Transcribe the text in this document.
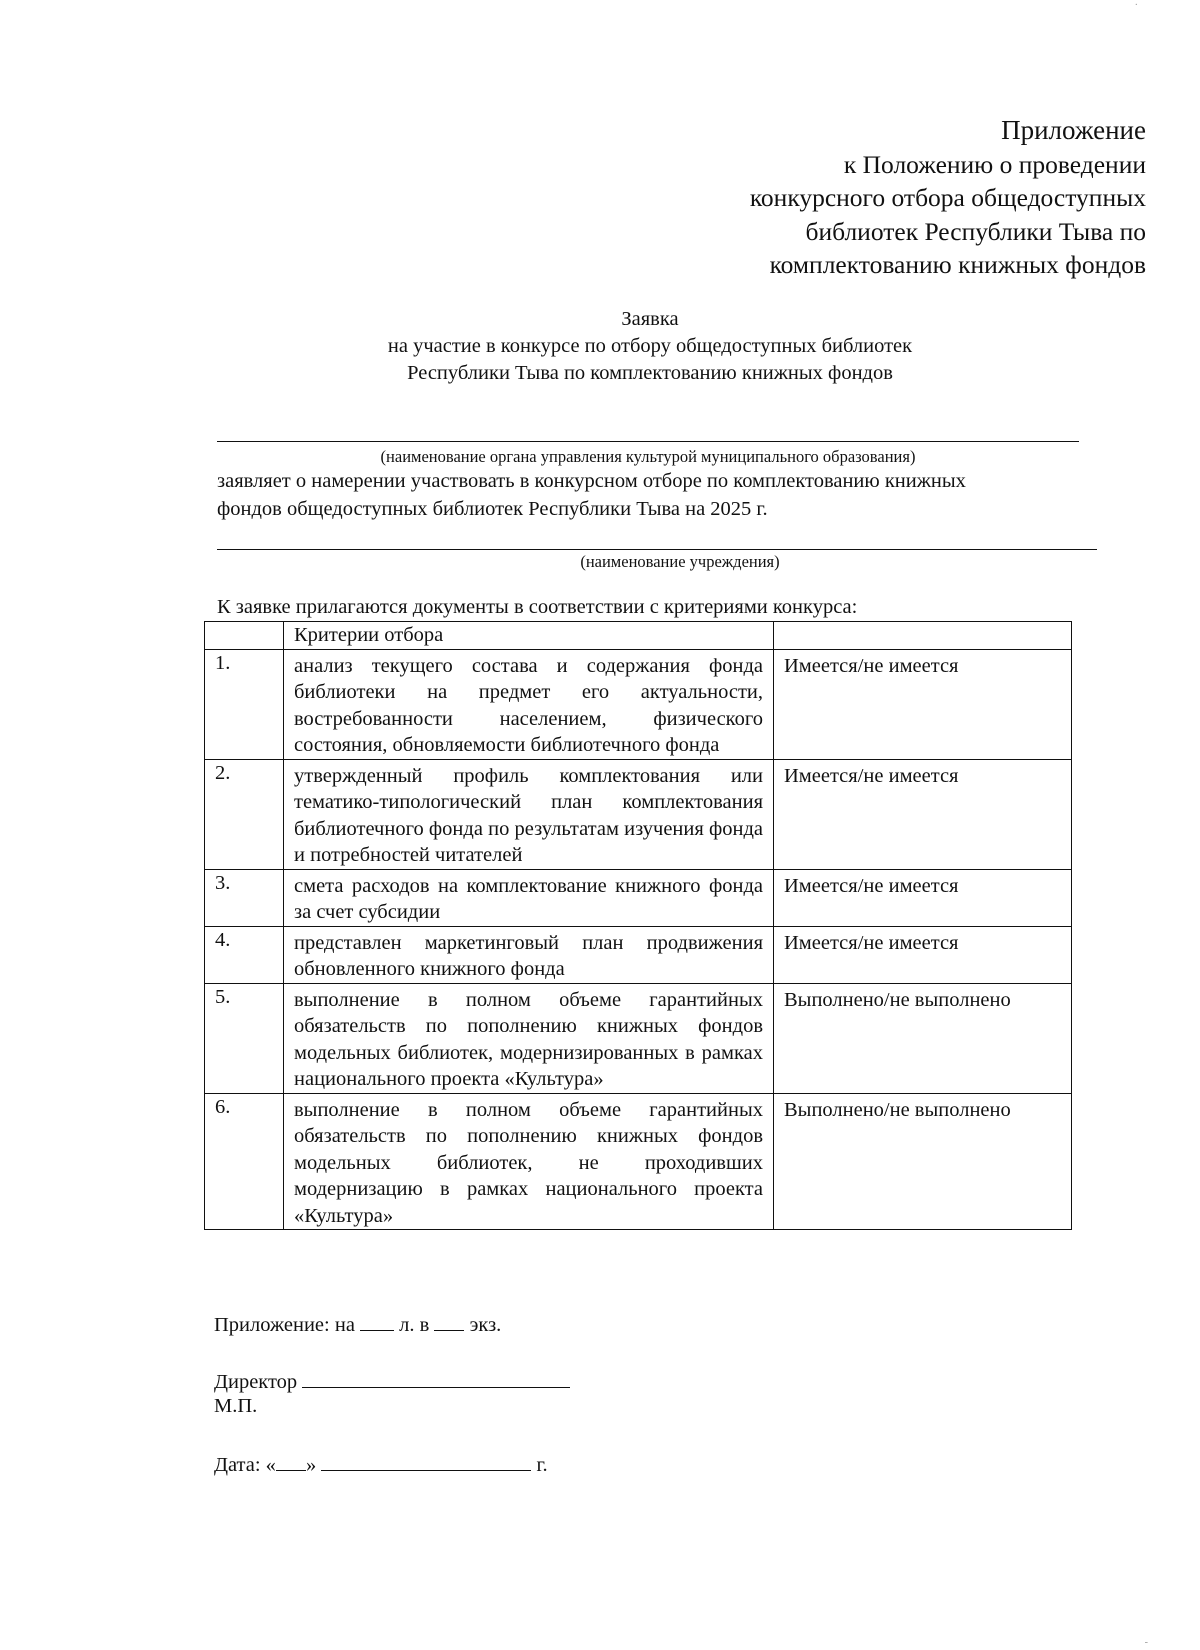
Приложение
к Положению о проведении
конкурсного отбора общедоступных
библиотек Республики Тыва по
комплектованию книжных фондов
Заявка
на участие в конкурсе по отбору общедоступных библиотек
Республики Тыва по комплектованию книжных фондов
(наименование органа управления культурой муниципального образования)
заявляет о намерении участвовать в конкурсном отборе по комплектованию книжных
фондов общедоступных библиотек Республики Тыва на 2025 г.
(наименование учреждения)
К заявке прилагаются документы в соответствии с критериями конкурса:
	Критерии отбора	
1.	анализ текущего состава и содержания фонда библиотеки на предмет его актуальности, востребованности населением, физического состояния, обновляемости библиотечного фонда	Имеется/не имеется
2.	утвержденный профиль комплектования или тематико-типологический план комплектования библиотечного фонда по результатам изучения фонда и потребностей читателей	Имеется/не имеется
3.	смета расходов на комплектование книжного фонда за счет субсидии	Имеется/не имеется
4.	представлен маркетинговый план продвижения обновленного книжного фонда	Имеется/не имеется
5.	выполнение в полном объеме гарантийных обязательств по пополнению книжных фондов модельных библиотек, модернизированных в рамках национального проекта «Культура»	Выполнено/не выполнено
6.	выполнение в полном объеме гарантийных обязательств по пополнению книжных фондов модельных библиотек, не проходивших модернизацию в рамках национального проекта «Культура»	Выполнено/не выполнено
Приложение: на л. в экз.
Директор
М.П.
Дата: « »	г.
·
‐
